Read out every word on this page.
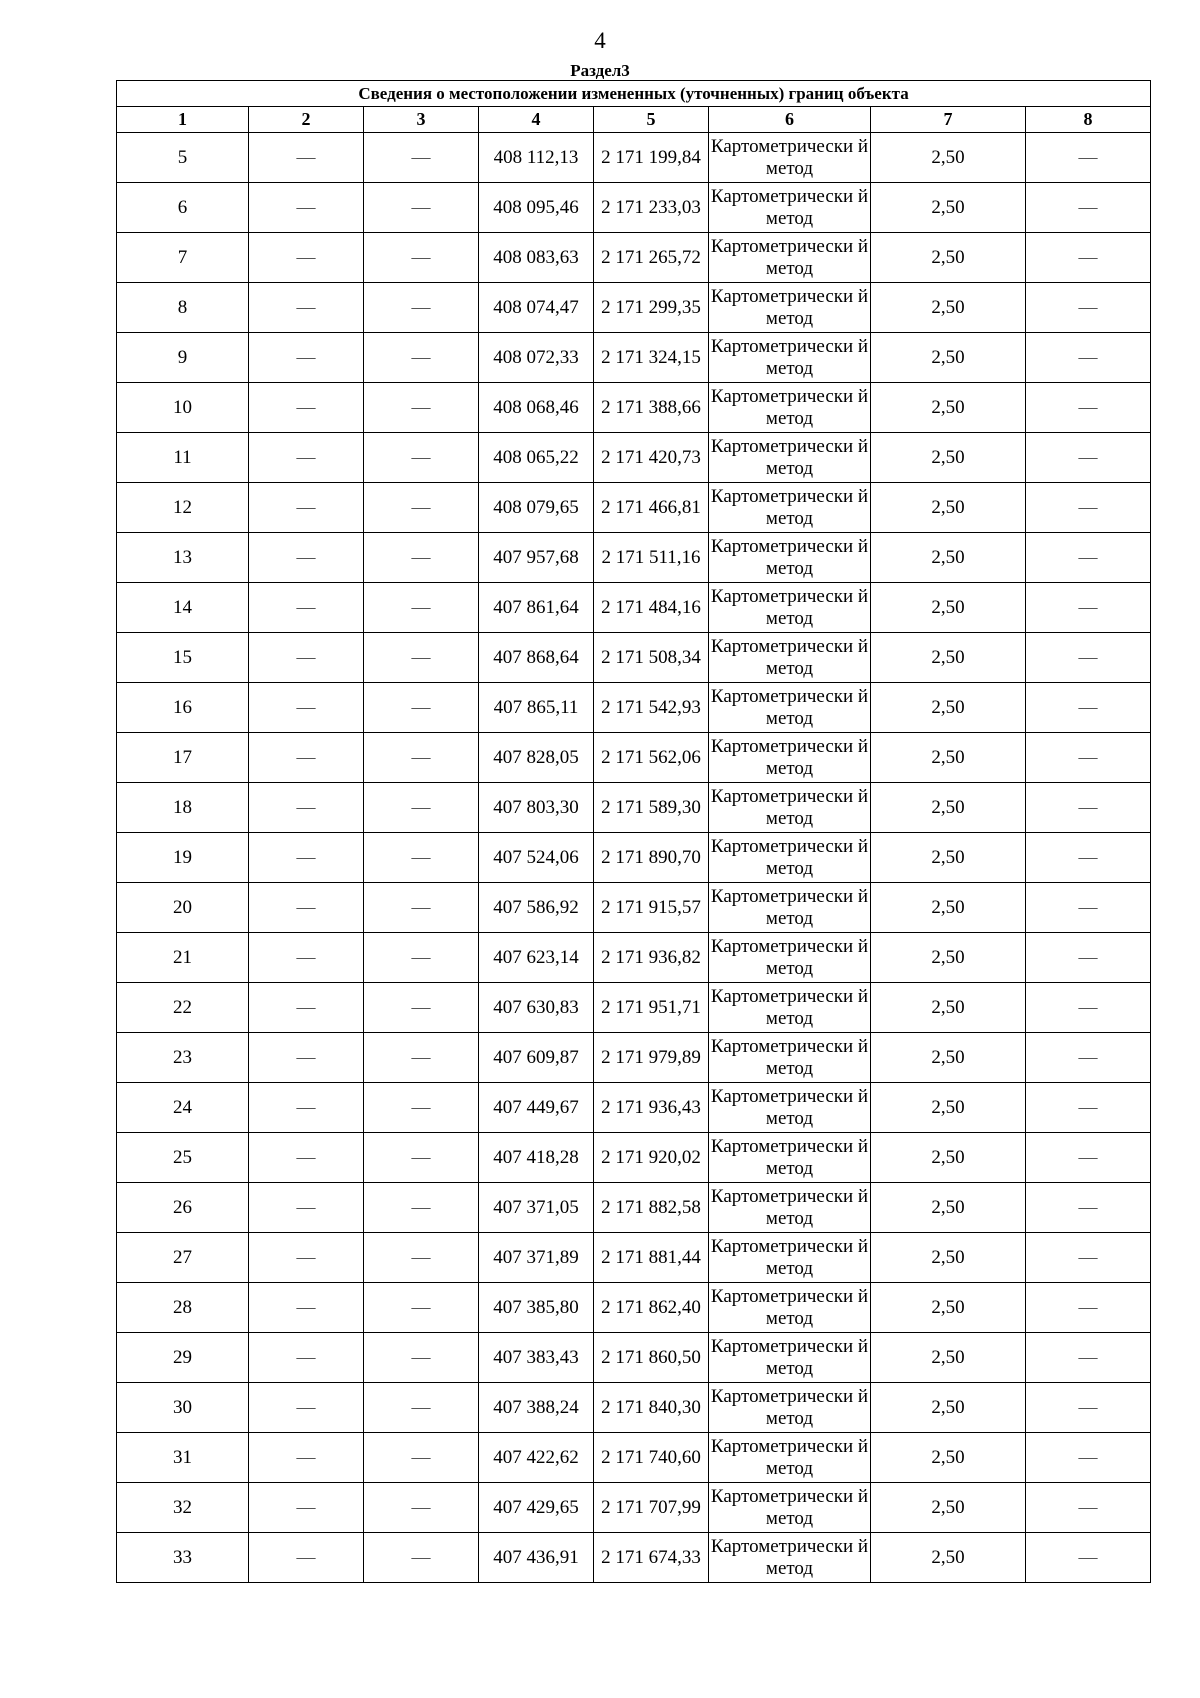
4
Раздел3
Сведения о местоположении измененных (уточненных) границ объекта							
1	2	3	4	5	6	7	8
5	—	—	408 112,13	2 171 199,84	Картометрически й метод	2,50	—
6	—	—	408 095,46	2 171 233,03	Картометрически й метод	2,50	—
7	—	—	408 083,63	2 171 265,72	Картометрически й метод	2,50	—
8	—	—	408 074,47	2 171 299,35	Картометрически й метод	2,50	—
9	—	—	408 072,33	2 171 324,15	Картометрически й метод	2,50	—
10	—	—	408 068,46	2 171 388,66	Картометрически й метод	2,50	—
11	—	—	408 065,22	2 171 420,73	Картометрически й метод	2,50	—
12	—	—	408 079,65	2 171 466,81	Картометрически й метод	2,50	—
13	—	—	407 957,68	2 171 511,16	Картометрически й метод	2,50	—
14	—	—	407 861,64	2 171 484,16	Картометрически й метод	2,50	—
15	—	—	407 868,64	2 171 508,34	Картометрически й метод	2,50	—
16	—	—	407 865,11	2 171 542,93	Картометрически й метод	2,50	—
17	—	—	407 828,05	2 171 562,06	Картометрически й метод	2,50	—
18	—	—	407 803,30	2 171 589,30	Картометрически й метод	2,50	—
19	—	—	407 524,06	2 171 890,70	Картометрически й метод	2,50	—
20	—	—	407 586,92	2 171 915,57	Картометрически й метод	2,50	—
21	—	—	407 623,14	2 171 936,82	Картометрически й метод	2,50	—
22	—	—	407 630,83	2 171 951,71	Картометрически й метод	2,50	—
23	—	—	407 609,87	2 171 979,89	Картометрически й метод	2,50	—
24	—	—	407 449,67	2 171 936,43	Картометрически й метод	2,50	—
25	—	—	407 418,28	2 171 920,02	Картометрически й метод	2,50	—
26	—	—	407 371,05	2 171 882,58	Картометрически й метод	2,50	—
27	—	—	407 371,89	2 171 881,44	Картометрически й метод	2,50	—
28	—	—	407 385,80	2 171 862,40	Картометрически й метод	2,50	—
29	—	—	407 383,43	2 171 860,50	Картометрически й метод	2,50	—
30	—	—	407 388,24	2 171 840,30	Картометрически й метод	2,50	—
31	—	—	407 422,62	2 171 740,60	Картометрически й метод	2,50	—
32	—	—	407 429,65	2 171 707,99	Картометрически й метод	2,50	—
33	—	—	407 436,91	2 171 674,33	Картометрически й метод	2,50	—
